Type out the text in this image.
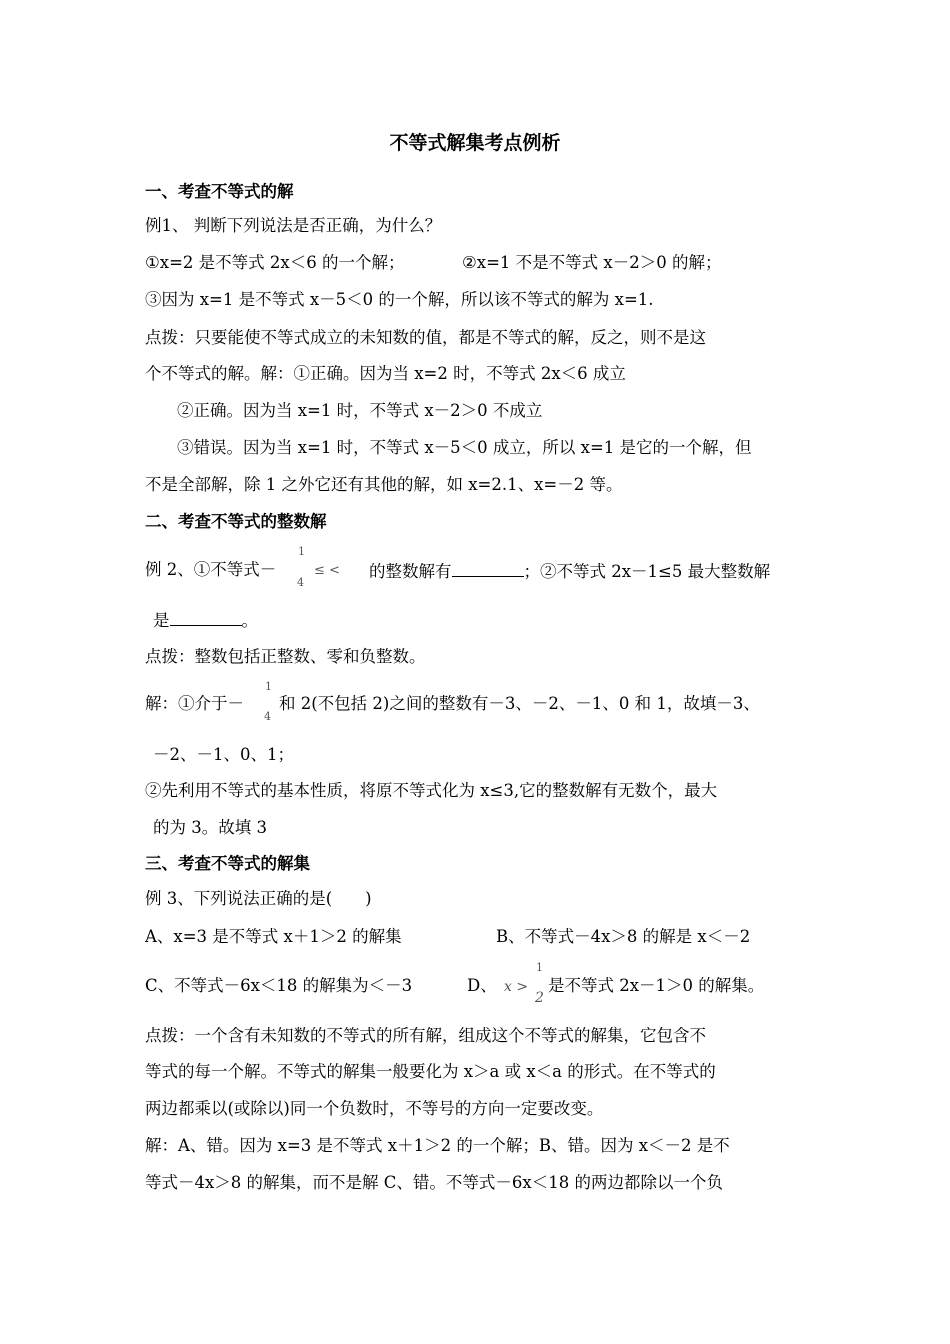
不等式解集考点例析
一、考查不等式的解
例1、 判断下列说法是否正确，为什么？
①x=2 是不等式 2x＜6 的一个解；	②x=1 不是不等式 x－2＞0 的解；
③因为 x=1 是不等式 x－5＜0 的一个解，所以该不等式的解为 x=1.
点拨：只要能使不等式成立的未知数的值，都是不等式的解，反之，则不是这
个不等式的解。解：①正确。因为当 x=2 时，不等式 2x＜6 成立
②正确。因为当 x=1 时，不等式 x－2＞0 不成立
③错误。因为当 x=1 时，不等式 x－5＜0 成立，所以 x=1 是它的一个解，但
不是全部解，除 1 之外它还有其他的解，如 x=2.1、x=－2 等。
二、考查不等式的整数解
例 2、①不等式－
1
4
≤ < 的整数解有	；②不等式 2x－1≤5 最大整数解
是	。
点拨：整数包括正整数、零和负整数。
解：①介于－
1
4
和 2(不包括 2)之间的整数有－3、－2、－1、0 和 1，故填－3、
－2、－1、0、1；
②先利用不等式的基本性质，将原不等式化为 x≤3,它的整数解有无数个，最大
的为 3。故填 3
三、考查不等式的解集
例 3、下列说法正确的是(　　)
A、x=3 是不等式 x＋1＞2 的解集	B、不等式－4x＞8 的解是 x＜－2
C、不等式－6x＜18 的解集为＜－3	D、 x >
1
2
是不等式 2x－1＞0 的解集。
点拨：一个含有未知数的不等式的所有解，组成这个不等式的解集，它包含不
等式的每一个解。不等式的解集一般要化为 x＞a 或 x＜a 的形式。在不等式的
两边都乘以(或除以)同一个负数时，不等号的方向一定要改变。
解：A、错。因为 x=3 是不等式 x＋1＞2 的一个解；B、错。因为 x＜－2 是不
等式－4x＞8 的解集，而不是解 C、错。不等式－6x＜18 的两边都除以一个负
